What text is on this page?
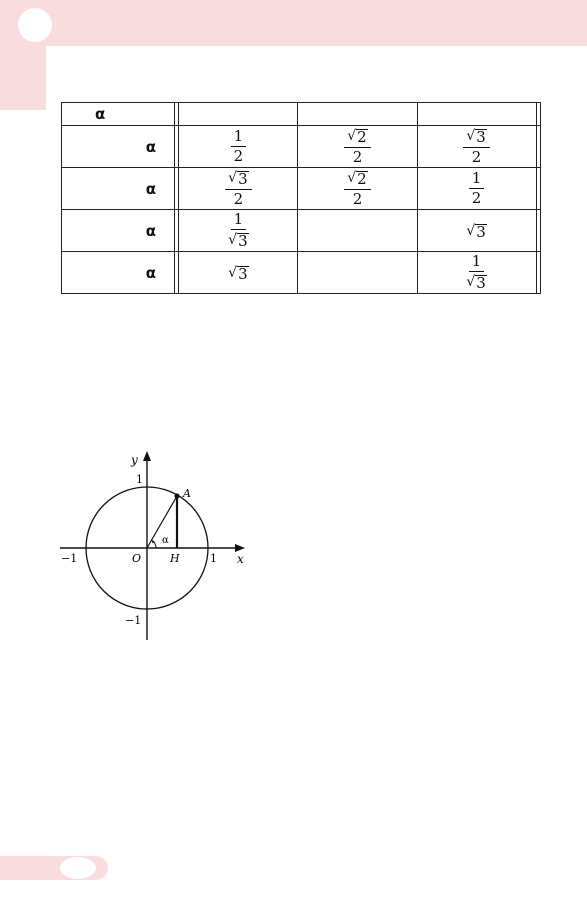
α					
α		$\frac{1}{2}$	$\frac{√ 2}{2}$	$\frac{√ 3}{2}$

α		$\frac{√ 3}{2}$	$\frac{√ 2}{2}$	$\frac{1}{2}$

α		$\frac{1}{√ 3}$		√ 3	

α		√ 3		$\frac{1}{√ 3}$

y
x
A
O	H
α
1
−1
−1	1
